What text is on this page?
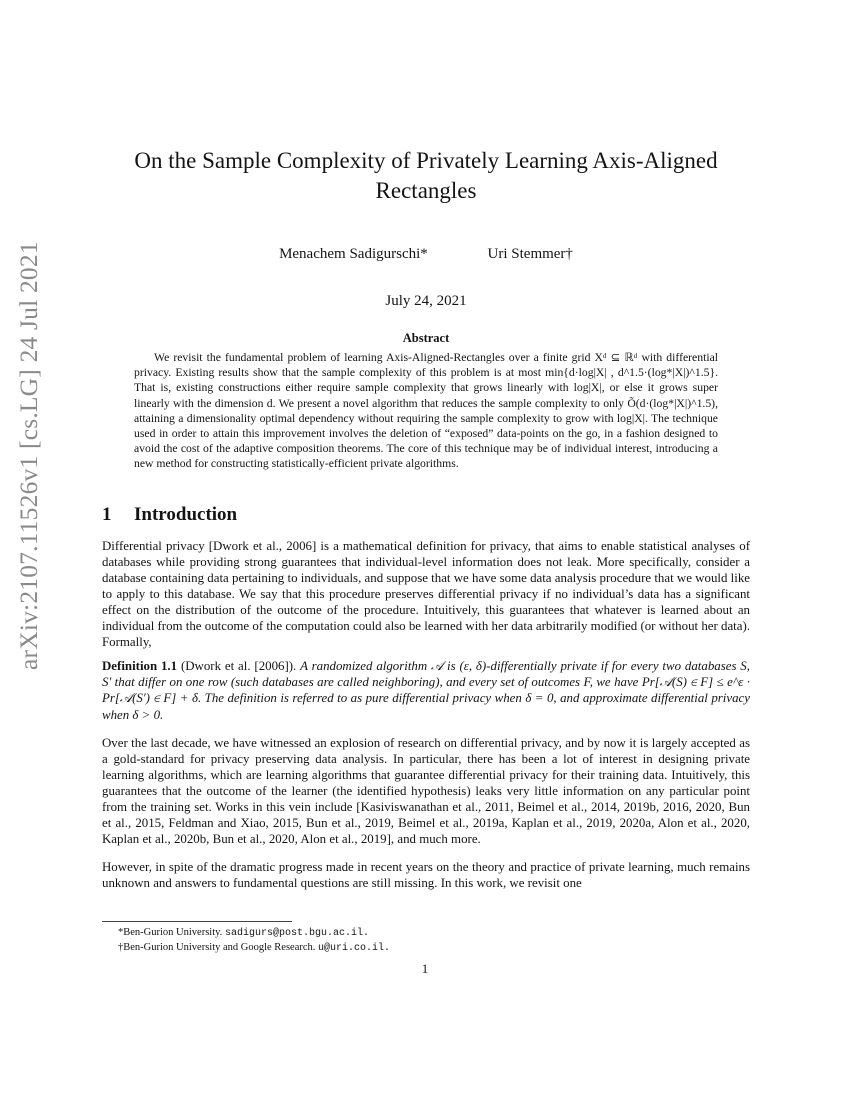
arXiv:2107.11526v1 [cs.LG] 24 Jul 2021
On the Sample Complexity of Privately Learning Axis-Aligned Rectangles
Menachem Sadigurschi*	Uri Stemmer†
July 24, 2021
Abstract
We revisit the fundamental problem of learning Axis-Aligned-Rectangles over a finite grid Xᵈ ⊆ ℝᵈ with differential privacy. Existing results show that the sample complexity of this problem is at most min{d·log|X| , d^1.5·(log*|X|)^1.5}. That is, existing constructions either require sample complexity that grows linearly with log|X|, or else it grows super linearly with the dimension d. We present a novel algorithm that reduces the sample complexity to only Õ(d·(log*|X|)^1.5), attaining a dimensionality optimal dependency without requiring the sample complexity to grow with log|X|. The technique used in order to attain this improvement involves the deletion of “exposed” data-points on the go, in a fashion designed to avoid the cost of the adaptive composition theorems. The core of this technique may be of individual interest, introducing a new method for constructing statistically-efficient private algorithms.
1 Introduction
Differential privacy [Dwork et al., 2006] is a mathematical definition for privacy, that aims to enable statistical analyses of databases while providing strong guarantees that individual-level information does not leak. More specifically, consider a database containing data pertaining to individuals, and suppose that we have some data analysis procedure that we would like to apply to this database. We say that this procedure preserves differential privacy if no individual’s data has a significant effect on the distribution of the outcome of the procedure. Intuitively, this guarantees that whatever is learned about an individual from the outcome of the computation could also be learned with her data arbitrarily modified (or without her data). Formally,
Definition 1.1 (Dwork et al. [2006]). A randomized algorithm 𝒜 is (ε, δ)-differentially private if for every two databases S, S′ that differ on one row (such databases are called neighboring), and every set of outcomes F, we have Pr[𝒜(S) ∈ F] ≤ e^ε · Pr[𝒜(S′) ∈ F] + δ. The definition is referred to as pure differential privacy when δ = 0, and approximate differential privacy when δ > 0.
Over the last decade, we have witnessed an explosion of research on differential privacy, and by now it is largely accepted as a gold-standard for privacy preserving data analysis. In particular, there has been a lot of interest in designing private learning algorithms, which are learning algorithms that guarantee differential privacy for their training data. Intuitively, this guarantees that the outcome of the learner (the identified hypothesis) leaks very little information on any particular point from the training set. Works in this vein include [Kasiviswanathan et al., 2011, Beimel et al., 2014, 2019b, 2016, 2020, Bun et al., 2015, Feldman and Xiao, 2015, Bun et al., 2019, Beimel et al., 2019a, Kaplan et al., 2019, 2020a, Alon et al., 2020, Kaplan et al., 2020b, Bun et al., 2020, Alon et al., 2019], and much more.
However, in spite of the dramatic progress made in recent years on the theory and practice of private learning, much remains unknown and answers to fundamental questions are still missing. In this work, we revisit one
*Ben-Gurion University. sadigurs@post.bgu.ac.il.
†Ben-Gurion University and Google Research. u@uri.co.il.
1
